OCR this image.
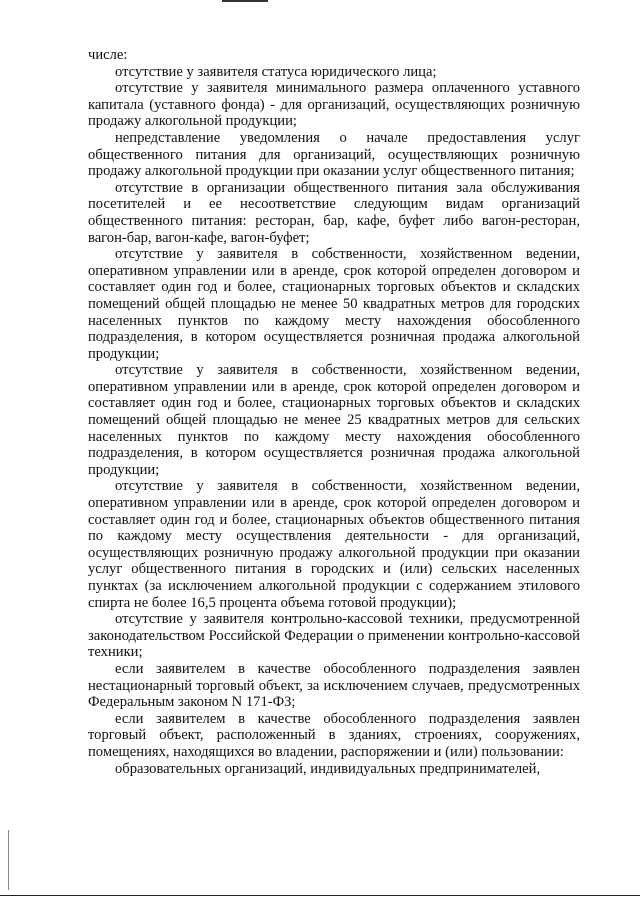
числе:

отсутствие у заявителя статуса юридического лица;

отсутствие у заявителя минимального размера оплаченного уставного капитала (уставного фонда) - для организаций, осуществляющих розничную продажу алкогольной продукции;

непредставление уведомления о начале предоставления услуг общественного питания для организаций, осуществляющих розничную продажу алкогольной продукции при оказании услуг общественного питания;

отсутствие в организации общественного питания зала обслуживания посетителей и ее несоответствие следующим видам организаций общественного питания: ресторан, бар, кафе, буфет либо вагон-ресторан, вагон-бар, вагон-кафе, вагон-буфет;

отсутствие у заявителя в собственности, хозяйственном ведении, оперативном управлении или в аренде, срок которой определен договором и составляет один год и более, стационарных торговых объектов и складских помещений общей площадью не менее 50 квадратных метров для городских населенных пунктов по каждому месту нахождения обособленного подразделения, в котором осуществляется розничная продажа алкогольной продукции;

отсутствие у заявителя в собственности, хозяйственном ведении, оперативном управлении или в аренде, срок которой определен договором и составляет один год и более, стационарных торговых объектов и складских помещений общей площадью не менее 25 квадратных метров для сельских населенных пунктов по каждому месту нахождения обособленного подразделения, в котором осуществляется розничная продажа алкогольной продукции;

отсутствие у заявителя в собственности, хозяйственном ведении, оперативном управлении или в аренде, срок которой определен договором и составляет один год и более, стационарных объектов общественного питания по каждому месту осуществления деятельности - для организаций, осуществляющих розничную продажу алкогольной продукции при оказании услуг общественного питания в городских и (или) сельских населенных пунктах (за исключением алкогольной продукции с содержанием этилового спирта не более 16,5 процента объема готовой продукции);

отсутствие у заявителя контрольно-кассовой техники, предусмотренной законодательством Российской Федерации о применении контрольно-кассовой техники;

если заявителем в качестве обособленного подразделения заявлен нестационарный торговый объект, за исключением случаев, предусмотренных Федеральным законом N 171-ФЗ;

если заявителем в качестве обособленного подразделения заявлен торговый объект, расположенный в зданиях, строениях, сооружениях, помещениях, находящихся во владении, распоряжении и (или) пользовании:

образовательных организаций, индивидуальных предпринимателей,
